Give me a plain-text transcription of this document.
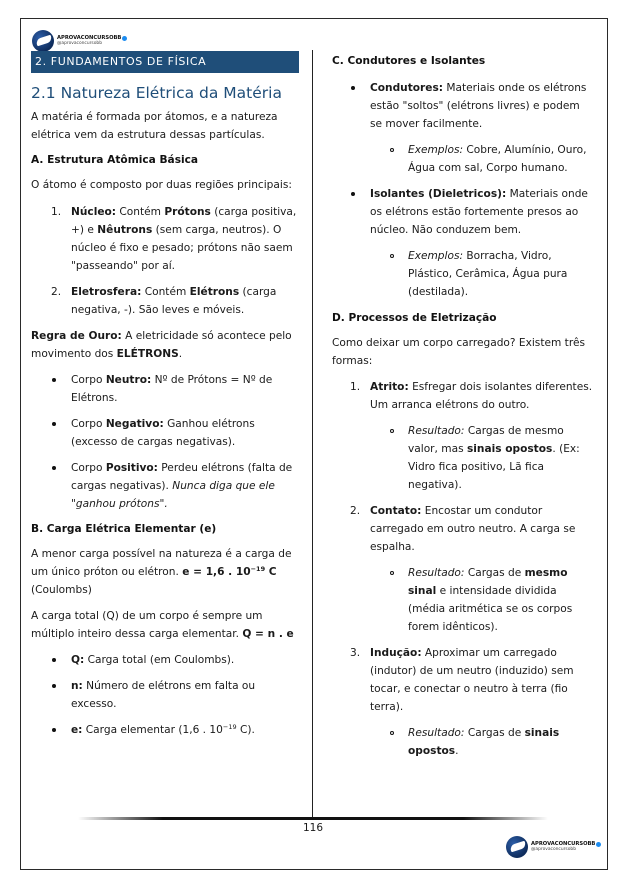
APROVACONCURSOBB
@aprovaconcursobb
2. FUNDAMENTOS DE FÍSICA
2.1 Natureza Elétrica da Matéria
A matéria é formada por átomos, e a natureza elétrica vem da estrutura dessas partículas.
A. Estrutura Atômica Básica
O átomo é composto por duas regiões principais:
1. Núcleo: Contém Prótons (carga positiva, +) e Nêutrons (sem carga, neutros). O núcleo é fixo e pesado; prótons não saem "passeando" por aí.
2. Eletrosfera: Contém Elétrons (carga negativa, -). São leves e móveis.
Regra de Ouro: A eletricidade só acontece pelo movimento dos ELÉTRONS.
Corpo Neutro: Nº de Prótons = Nº de Elétrons.
Corpo Negativo: Ganhou elétrons (excesso de cargas negativas).
Corpo Positivo: Perdeu elétrons (falta de cargas negativas). Nunca diga que ele "ganhou prótons".
B. Carga Elétrica Elementar (e)
A menor carga possível na natureza é a carga de um único próton ou elétron. e = 1,6 . $10^{-19}$ C (Coulombs)
A carga total (Q) de um corpo é sempre um múltiplo inteiro dessa carga elementar. Q = n . e
Q: Carga total (em Coulombs).
n: Número de elétrons em falta ou excesso.
e: Carga elementar (1,6 . $10^{-19}$ C).
C. Condutores e Isolantes
Condutores: Materiais onde os elétrons estão "soltos" (elétrons livres) e podem se mover facilmente.
Exemplos: Cobre, Alumínio, Ouro, Água com sal, Corpo humano.
Isolantes (Dieletricos): Materiais onde os elétrons estão fortemente presos ao núcleo. Não conduzem bem.
Exemplos: Borracha, Vidro, Plástico, Cerâmica, Água pura (destilada).
D. Processos de Eletrização
Como deixar um corpo carregado? Existem três formas:
1. Atrito: Esfregar dois isolantes diferentes. Um arranca elétrons do outro.
Resultado: Cargas de mesmo valor, mas sinais opostos. (Ex: Vidro fica positivo, Lã fica negativa).
2. Contato: Encostar um condutor carregado em outro neutro. A carga se espalha.
Resultado: Cargas de mesmo sinal e intensidade dividida (média aritmética se os corpos forem idênticos).
3. Indução: Aproximar um carregado (indutor) de um neutro (induzido) sem tocar, e conectar o neutro à terra (fio terra).
Resultado: Cargas de sinais opostos.
116
APROVACONCURSOBB
@aprovaconcursobb
